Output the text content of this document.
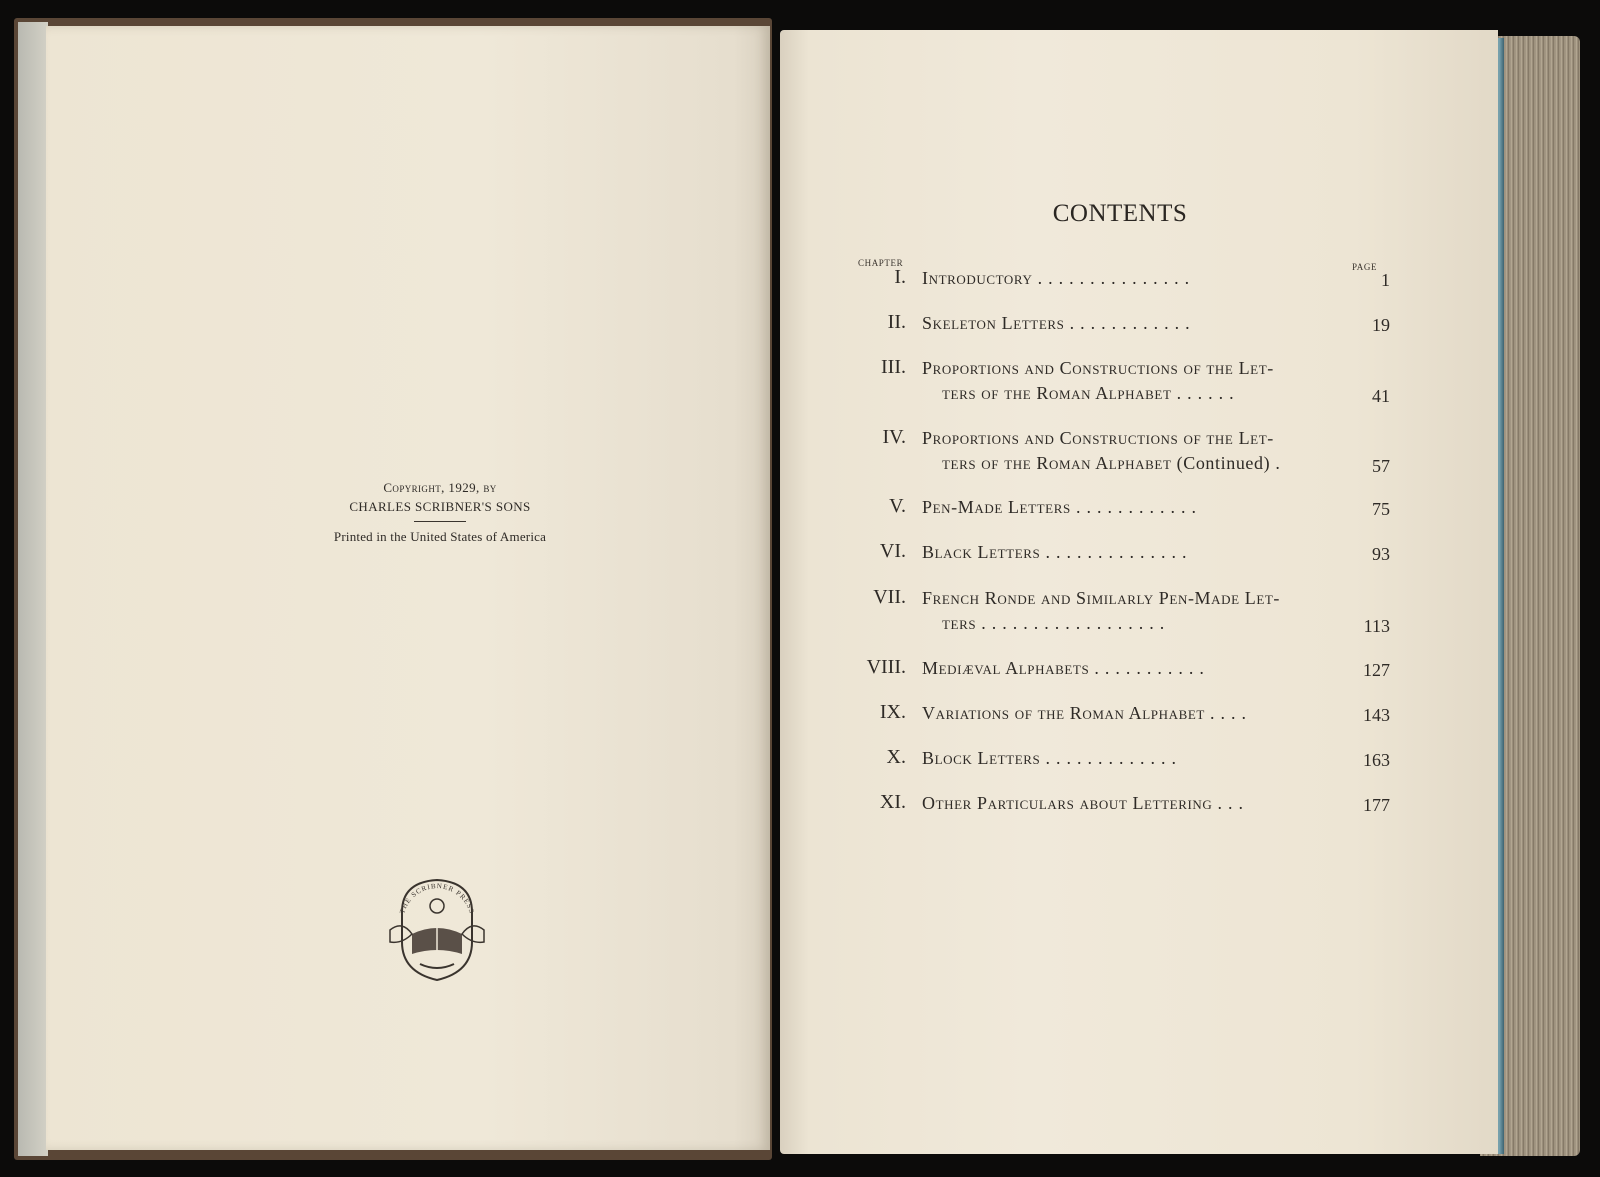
Copyright, 1929, by
CHARLES SCRIBNER'S SONS
Printed in the United States of America
THE SCRIBNER PRESS
CONTENTS
CHAPTER	PAGE
I. Introductory ...............	1
II. Skeleton Letters ............	19
III. Proportions and Constructions of the Let-
ters of the Roman Alphabet ......	41
IV. Proportions and Constructions of the Let-
ters of the Roman Alphabet (Continued) .	57
V. Pen-Made Letters ............	75
VI. Black Letters ..............	93
VII. French Ronde and Similarly Pen-Made Let-
ters ..................	113
VIII. Mediæval Alphabets ...........	127
IX. Variations of the Roman Alphabet ....	143
X. Block Letters .............	163
XI. Other Particulars about Lettering ...	177
